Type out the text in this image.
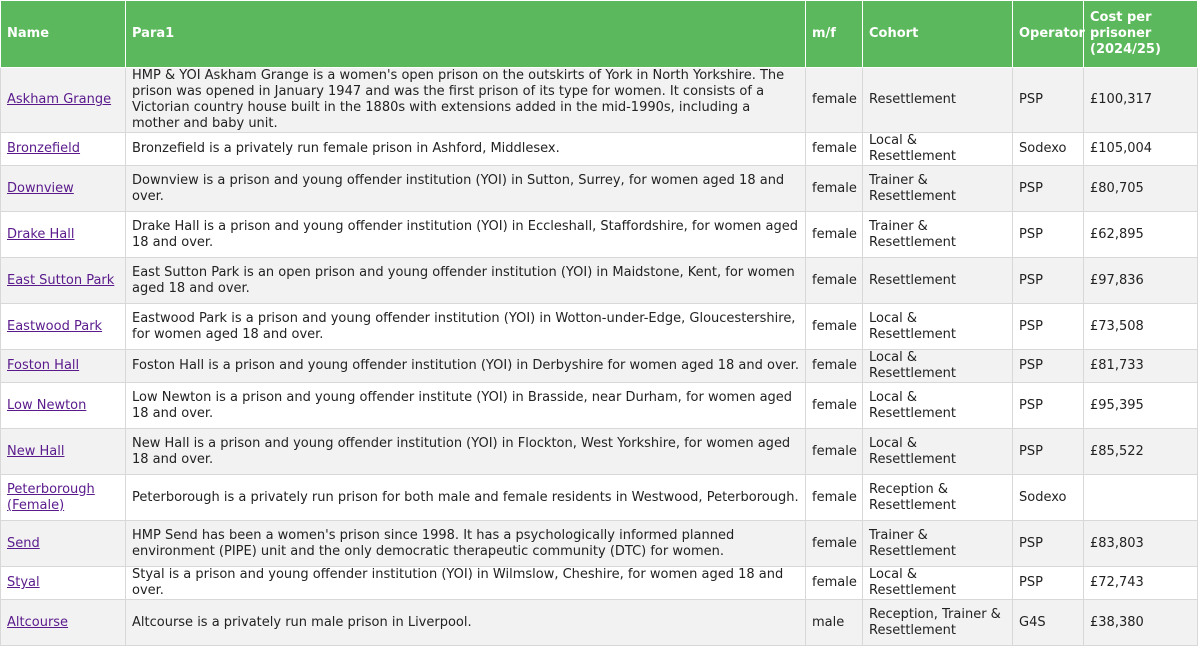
Name	Para1	m/f	Cohort	Operator	Cost per prisoner (2024/25)
Askham Grange	HMP & YOI Askham Grange is a women's open prison on the outskirts of York in North Yorkshire. The prison was opened in January 1947 and was the first prison of its type for women. It consists of a Victorian country house built in the 1880s with extensions added in the mid-1990s, including a mother and baby unit.	female	Resettlement	PSP	£100,317
Bronzefield	Bronzefield is a privately run female prison in Ashford, Middlesex.	female	Local & Resettlement	Sodexo	£105,004
Downview	Downview is a prison and young offender institution (YOI) in Sutton, Surrey, for women aged 18 and over.	female	Trainer & Resettlement	PSP	£80,705
Drake Hall	Drake Hall is a prison and young offender institution (YOI) in Eccleshall, Staffordshire, for women aged 18 and over.	female	Trainer & Resettlement	PSP	£62,895
East Sutton Park	East Sutton Park is an open prison and young offender institution (YOI) in Maidstone, Kent, for women aged 18 and over.	female	Resettlement	PSP	£97,836
Eastwood Park	Eastwood Park is a prison and young offender institution (YOI) in Wotton-under-Edge, Gloucestershire, for women aged 18 and over.	female	Local & Resettlement	PSP	£73,508
Foston Hall	Foston Hall is a prison and young offender institution (YOI) in Derbyshire for women aged 18 and over.	female	Local & Resettlement	PSP	£81,733
Low Newton	Low Newton is a prison and young offender institute (YOI) in Brasside, near Durham, for women aged 18 and over.	female	Local & Resettlement	PSP	£95,395
New Hall	New Hall is a prison and young offender institution (YOI) in Flockton, West Yorkshire, for women aged 18 and over.	female	Local & Resettlement	PSP	£85,522
Peterborough (Female)	Peterborough is a privately run prison for both male and female residents in Westwood, Peterborough.	female	Reception & Resettlement	Sodexo	
Send	HMP Send has been a women's prison since 1998. It has a psychologically informed planned environment (PIPE) unit and the only democratic therapeutic community (DTC) for women.	female	Trainer & Resettlement	PSP	£83,803
Styal	Styal is a prison and young offender institution (YOI) in Wilmslow, Cheshire, for women aged 18 and over.	female	Local & Resettlement	PSP	£72,743
Altcourse	Altcourse is a privately run male prison in Liverpool.	male	Reception, Trainer & Resettlement	G4S	£38,380
